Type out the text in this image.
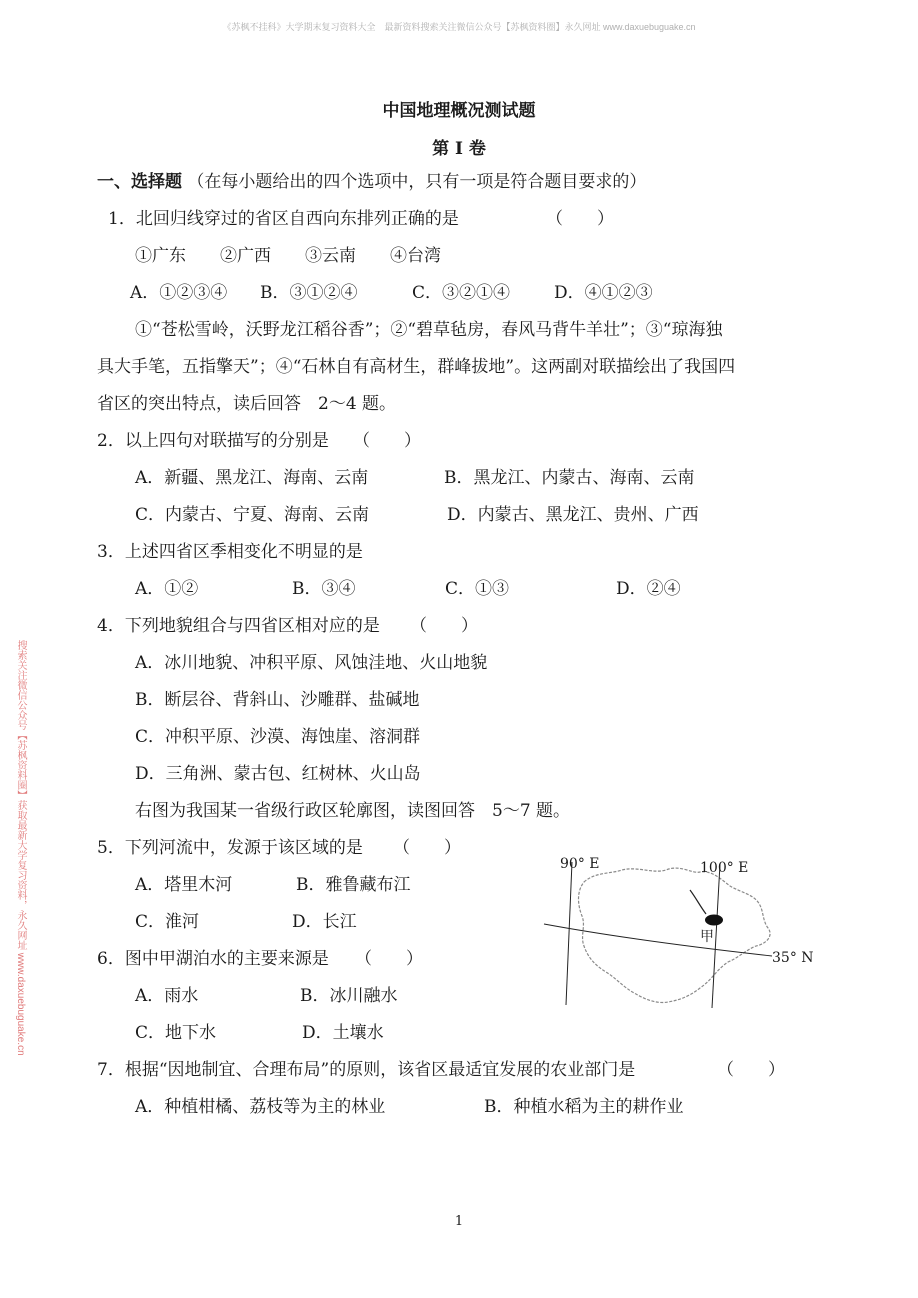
《苏枫不挂科》大学期末复习资料大全　最新资料搜索关注微信公众号【苏枫资料圈】永久网址 www.daxuebuguake.cn
搜索关注微信公众号【苏枫资料圈】获取最新大学复习资料，永久网址 www.daxuebuguake.cn
中国地理概况测试题
第 I 卷
一、选择题 （在每小题给出的四个选项中，只有一项是符合题目要求的）
1．北回归线穿过的省区自西向东排列正确的是	（　　）
①广东　　②广西　　③云南　　④台湾
A．①②③④ B．③①②④	C．③②①④	D．④①②③
①“苍松雪岭，沃野龙江稻谷香”；②“碧草毡房，春风马背牛羊壮”；③“琼海独
具大手笔，五指擎天”；④“石林自有高材生，群峰拔地”。这两副对联描绘出了我国四
省区的突出特点，读后回答　2～4 题。
2．以上四句对联描写的分别是 （　　）
A．新疆、黑龙江、海南、云南	B．黑龙江、内蒙古、海南、云南
C．内蒙古、宁夏、海南、云南	D．内蒙古、黑龙江、贵州、广西
3．上述四省区季相变化不明显的是
A．①②	B．③④	C．①③	D．②④
4．下列地貌组合与四省区相对应的是 （　　）
A．冰川地貌、冲积平原、风蚀洼地、火山地貌
B．断层谷、背斜山、沙雕群、盐碱地
C．冲积平原、沙漠、海蚀崖、溶洞群
D．三角洲、蒙古包、红树林、火山岛
右图为我国某一省级行政区轮廓图，读图回答　5～7 题。
5．下列河流中，发源于该区域的是 （　　）
A．塔里木河	B．雅鲁藏布江
C．淮河	D．长江
6．图中甲湖泊水的主要来源是 （　　）
A．雨水	B．冰川融水
C．地下水	D．土壤水
7．根据“因地制宜、合理布局”的原则，该省区最适宜发展的农业部门是	（　　）
A．种植柑橘、荔枝等为主的林业	B．种植水稻为主的耕作业
90° E	100° E
35° N
甲
1
